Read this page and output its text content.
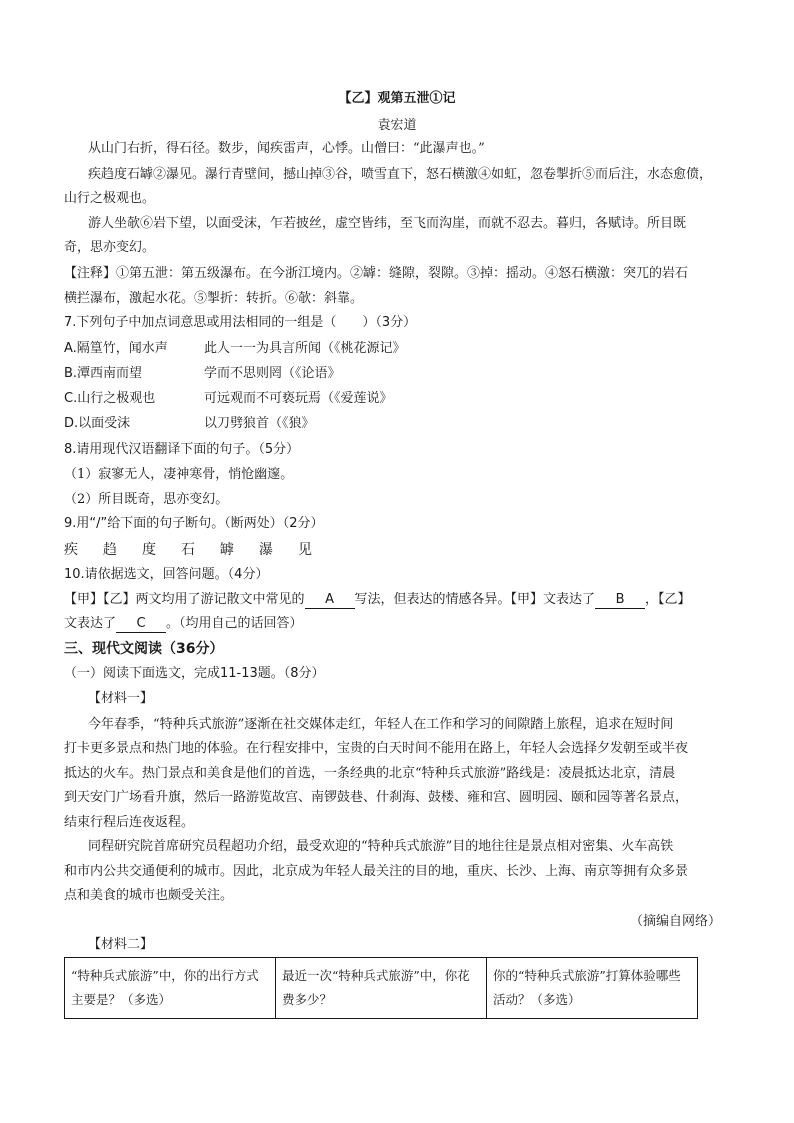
【乙】观第五泄①记
袁宏道
从山门右折，得石径。数步，闻疾雷声，心悸。山僧曰：“此瀑声也。”
疾趋度石罅②瀑见。瀑行青壁间，撼山掉③谷，喷雪直下，怒石横激④如虹，忽卷掣折⑤而后注，水态愈偾，
山行之极观也。
游人坐欹⑥岩下望，以面受沫，乍若披丝，虚空皆纬，至飞而沟崖，而就不忍去。暮归，各赋诗。所目既
奇，思亦变幻。
【注释】①第五泄：第五级瀑布。在今浙江境内。②罅：缝隙，裂隙。③掉：摇动。④怒石横激：突兀的岩石
横拦瀑布，激起水花。⑤掣折：转折。⑥欹：斜靠。
7.下列句子中加点词意思或用法相同的一组是（　　）（3分）
A.隔篁竹，闻水声	此人一一为具言所闻（《桃花源记》
B.潭西南而望	学而不思则罔（《论语》
C.山行之极观也	可远观而不可亵玩焉（《爱莲说》
D.以面受沫	以刀劈狼首（《狼》
8.请用现代汉语翻译下面的句子。（5分）
（1）寂寥无人，凄神寒骨，悄怆幽邃。
（2）所目既奇，思亦变幻。
9.用“/”给下面的句子断句。（断两处）（2分）
疾 趋 度 石 罅 瀑 见
10.请依据选文，回答问题。（4分）
【甲】【乙】两文均用了游记散文中常见的 A 写法，但表达的情感各异。【甲】文表达了 B ，【乙】
文表达了 C 。（均用自己的话回答）
三、现代文阅读（36分）
（一）阅读下面选文，完成11-13题。（8分）
【材料一】
今年春季，“特种兵式旅游”逐渐在社交媒体走红，年轻人在工作和学习的间隙踏上旅程，追求在短时间
打卡更多景点和热门地的体验。在行程安排中，宝贵的白天时间不能用在路上，年轻人会选择夕发朝至或半夜
抵达的火车。热门景点和美食是他们的首选，一条经典的北京“特种兵式旅游”路线是：凌晨抵达北京，清晨
到天安门广场看升旗，然后一路游览故宫、南锣鼓巷、什刹海、鼓楼、雍和宫、圆明园、颐和园等著名景点，
结束行程后连夜返程。
同程研究院首席研究员程超功介绍，最受欢迎的“特种兵式旅游”目的地往往是景点相对密集、火车高铁
和市内公共交通便利的城市。因此，北京成为年轻人最关注的目的地，重庆、长沙、上海、南京等拥有众多景
点和美食的城市也颇受关注。
（摘编自网络）
【材料二】
“特种兵式旅游”中，你的出行方式主要是？（多选）	最近一次“特种兵式旅游”中，你花费多少？	你的“特种兵式旅游”打算体验哪些活动？（多选）
